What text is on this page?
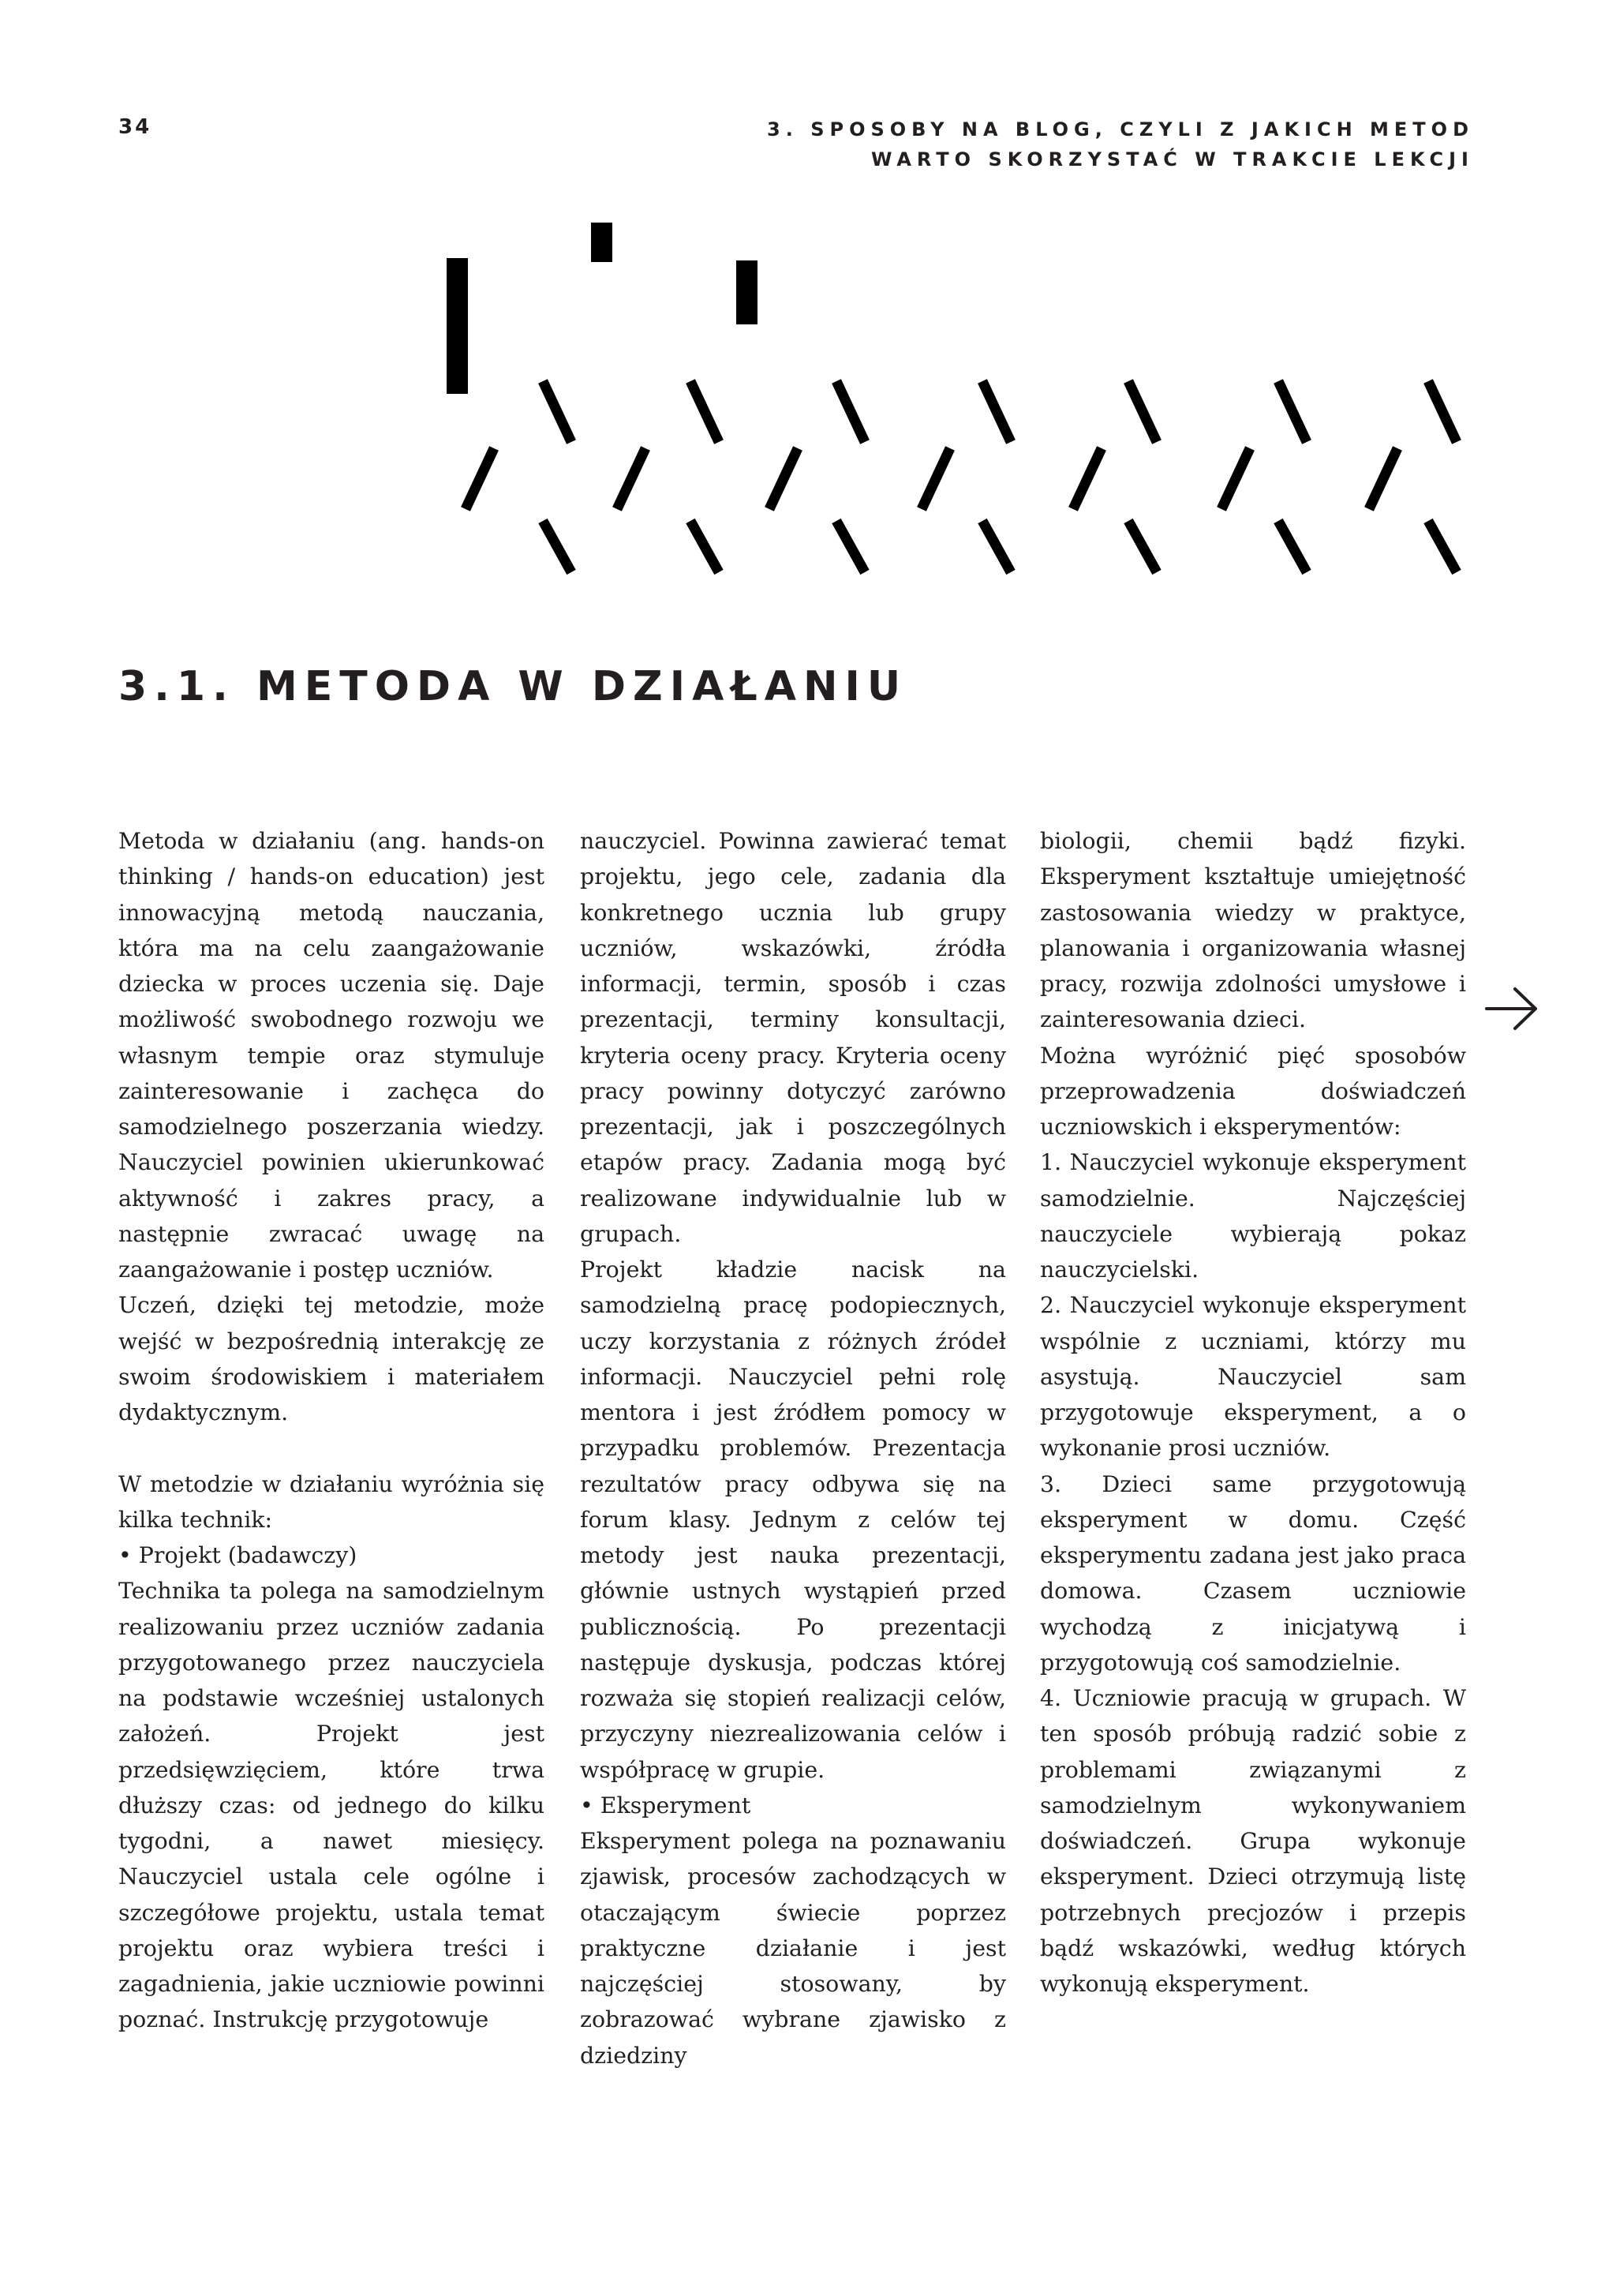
34	3. SPOSOBY NA BLOG, CZYLI Z JAKICH METOD
WARTO SKORZYSTAĆ W TRAKCIE LEKCJI
3.1. METODA W DZIAŁANIU

Metoda w działaniu (ang. hands-on thinking / hands-on education) jest innowacyjną metodą nauczania, która ma na celu zaangażowanie dziecka w proces uczenia się. Daje możliwość swobodnego rozwoju we własnym tempie oraz stymuluje zainteresowanie i zachęca do samodzielnego poszerzania wiedzy. Nauczyciel powinien ukierunkować aktywność i zakres pracy, a następnie zwracać uwagę na zaangażowanie i postęp uczniów.

Uczeń, dzięki tej metodzie, może wejść w bezpośrednią interakcję ze swoim środowiskiem i materiałem dydaktycznym.

W metodzie w działaniu wyróżnia się kilka technik:

• Projekt (badawczy)

Technika ta polega na samodzielnym realizowaniu przez uczniów zadania przygotowanego przez nauczyciela na podstawie wcześniej ustalonych założeń. Projekt jest przedsięwzięciem, które trwa dłuższy czas: od jednego do kilku tygodni, a nawet miesięcy. Nauczyciel ustala cele ogólne i szczegółowe projektu, ustala temat projektu oraz wybiera treści i zagadnienia, jakie uczniowie powinni poznać. Instrukcję przygotowuje

nauczyciel. Powinna zawierać temat projektu, jego cele, zadania dla konkretnego ucznia lub grupy uczniów, wskazówki, źródła informacji, termin, sposób i czas prezentacji, terminy konsultacji, kryteria oceny pracy. Kryteria oceny pracy powinny dotyczyć zarówno prezentacji, jak i poszczególnych etapów pracy. Zadania mogą być realizowane indywidualnie lub w grupach.

Projekt kładzie nacisk na samodzielną pracę podopiecznych, uczy korzystania z różnych źródeł informacji. Nauczyciel pełni rolę mentora i jest źródłem pomocy w przypadku problemów. Prezentacja rezultatów pracy odbywa się na forum klasy. Jednym z celów tej metody jest nauka prezentacji, głównie ustnych wystąpień przed publicznością. Po prezentacji następuje dyskusja, podczas której rozważa się stopień realizacji celów, przyczyny niezrealizowania celów i współpracę w grupie.

• Eksperyment

Eksperyment polega na poznawaniu zjawisk, procesów zachodzących w otaczającym świecie poprzez praktyczne działanie i jest najczęściej stosowany, by zobrazować wybrane zjawisko z dziedziny

biologii, chemii bądź fizyki. Eksperyment kształtuje umiejętność zastosowania wiedzy w praktyce, planowania i organizowania własnej pracy, rozwija zdolności umysłowe i zainteresowania dzieci.

Można wyróżnić pięć sposobów przeprowadzenia doświadczeń uczniowskich i eksperymentów:

1. Nauczyciel wykonuje eksperyment samodzielnie. Najczęściej nauczyciele wybierają pokaz nauczycielski.

2. Nauczyciel wykonuje eksperyment wspólnie z uczniami, którzy mu asystują. Nauczyciel sam przygotowuje eksperyment, a o wykonanie prosi uczniów.

3. Dzieci same przygotowują eksperyment w domu. Część eksperymentu zadana jest jako praca domowa. Czasem uczniowie wychodzą z inicjatywą i przygotowują coś samodzielnie.

4. Uczniowie pracują w grupach. W ten sposób próbują radzić sobie z problemami związanymi z samodzielnym wykonywaniem doświadczeń. Grupa wykonuje eksperyment. Dzieci otrzymują listę potrzebnych precjozów i przepis bądź wskazówki, według których wykonują eksperyment.
